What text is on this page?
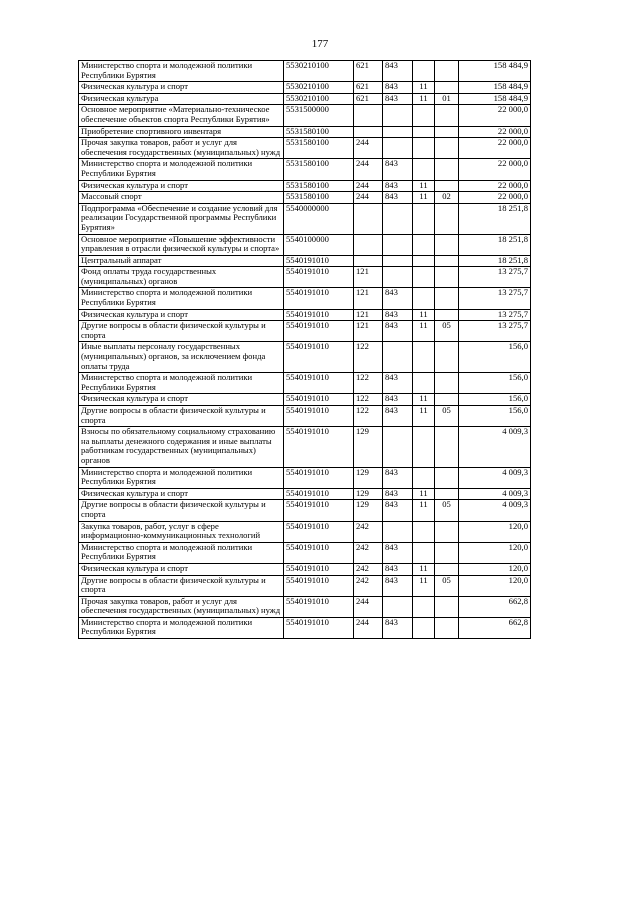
177
Министерство спорта и молодежной политики Республики Бурятия	5530210100	621	843			158 484,9
Физическая культура и спорт	5530210100	621	843	11		158 484,9
Физическая культура	5530210100	621	843	11	01	158 484,9
Основное мероприятие «Материально-техническое обеспечение объектов спорта Республики Бурятия»	5531500000					22 000,0
Приобретение спортивного инвентаря	5531580100					22 000,0
Прочая закупка товаров, работ и услуг для обеспечения государственных (муниципальных) нужд	5531580100	244				22 000,0
Министерство спорта и молодежной политики Республики Бурятия	5531580100	244	843			22 000,0
Физическая культура и спорт	5531580100	244	843	11		22 000,0
Массовый спорт	5531580100	244	843	11	02	22 000,0
Подпрограмма «Обеспечение и создание условий для реализации Государственной программы Республики Бурятия»	5540000000					18 251,8
Основное мероприятие «Повышение эффективности управления в отрасли физической культуры и спорта»	5540100000					18 251,8
Центральный аппарат	5540191010					18 251,8
Фонд оплаты труда государственных (муниципальных) органов	5540191010	121				13 275,7
Министерство спорта и молодежной политики Республики Бурятия	5540191010	121	843			13 275,7
Физическая культура и спорт	5540191010	121	843	11		13 275,7
Другие вопросы в области физической культуры и спорта	5540191010	121	843	11	05	13 275,7
Иные выплаты персоналу государственных (муниципальных) органов, за исключением фонда оплаты труда	5540191010	122				156,0
Министерство спорта и молодежной политики Республики Бурятия	5540191010	122	843			156,0
Физическая культура и спорт	5540191010	122	843	11		156,0
Другие вопросы в области физической культуры и спорта	5540191010	122	843	11	05	156,0
Взносы по обязательному социальному страхованию на выплаты денежного содержания и иные выплаты работникам государственных (муниципальных) органов	5540191010	129				4 009,3
Министерство спорта и молодежной политики Республики Бурятия	5540191010	129	843			4 009,3
Физическая культура и спорт	5540191010	129	843	11		4 009,3
Другие вопросы в области физической культуры и спорта	5540191010	129	843	11	05	4 009,3
Закупка товаров, работ, услуг в сфере информационно-коммуникационных технологий	5540191010	242				120,0
Министерство спорта и молодежной политики Республики Бурятия	5540191010	242	843			120,0
Физическая культура и спорт	5540191010	242	843	11		120,0
Другие вопросы в области физической культуры и спорта	5540191010	242	843	11	05	120,0
Прочая закупка товаров, работ и услуг для обеспечения государственных (муниципальных) нужд	5540191010	244				662,8
Министерство спорта и молодежной политики Республики Бурятия	5540191010	244	843			662,8
